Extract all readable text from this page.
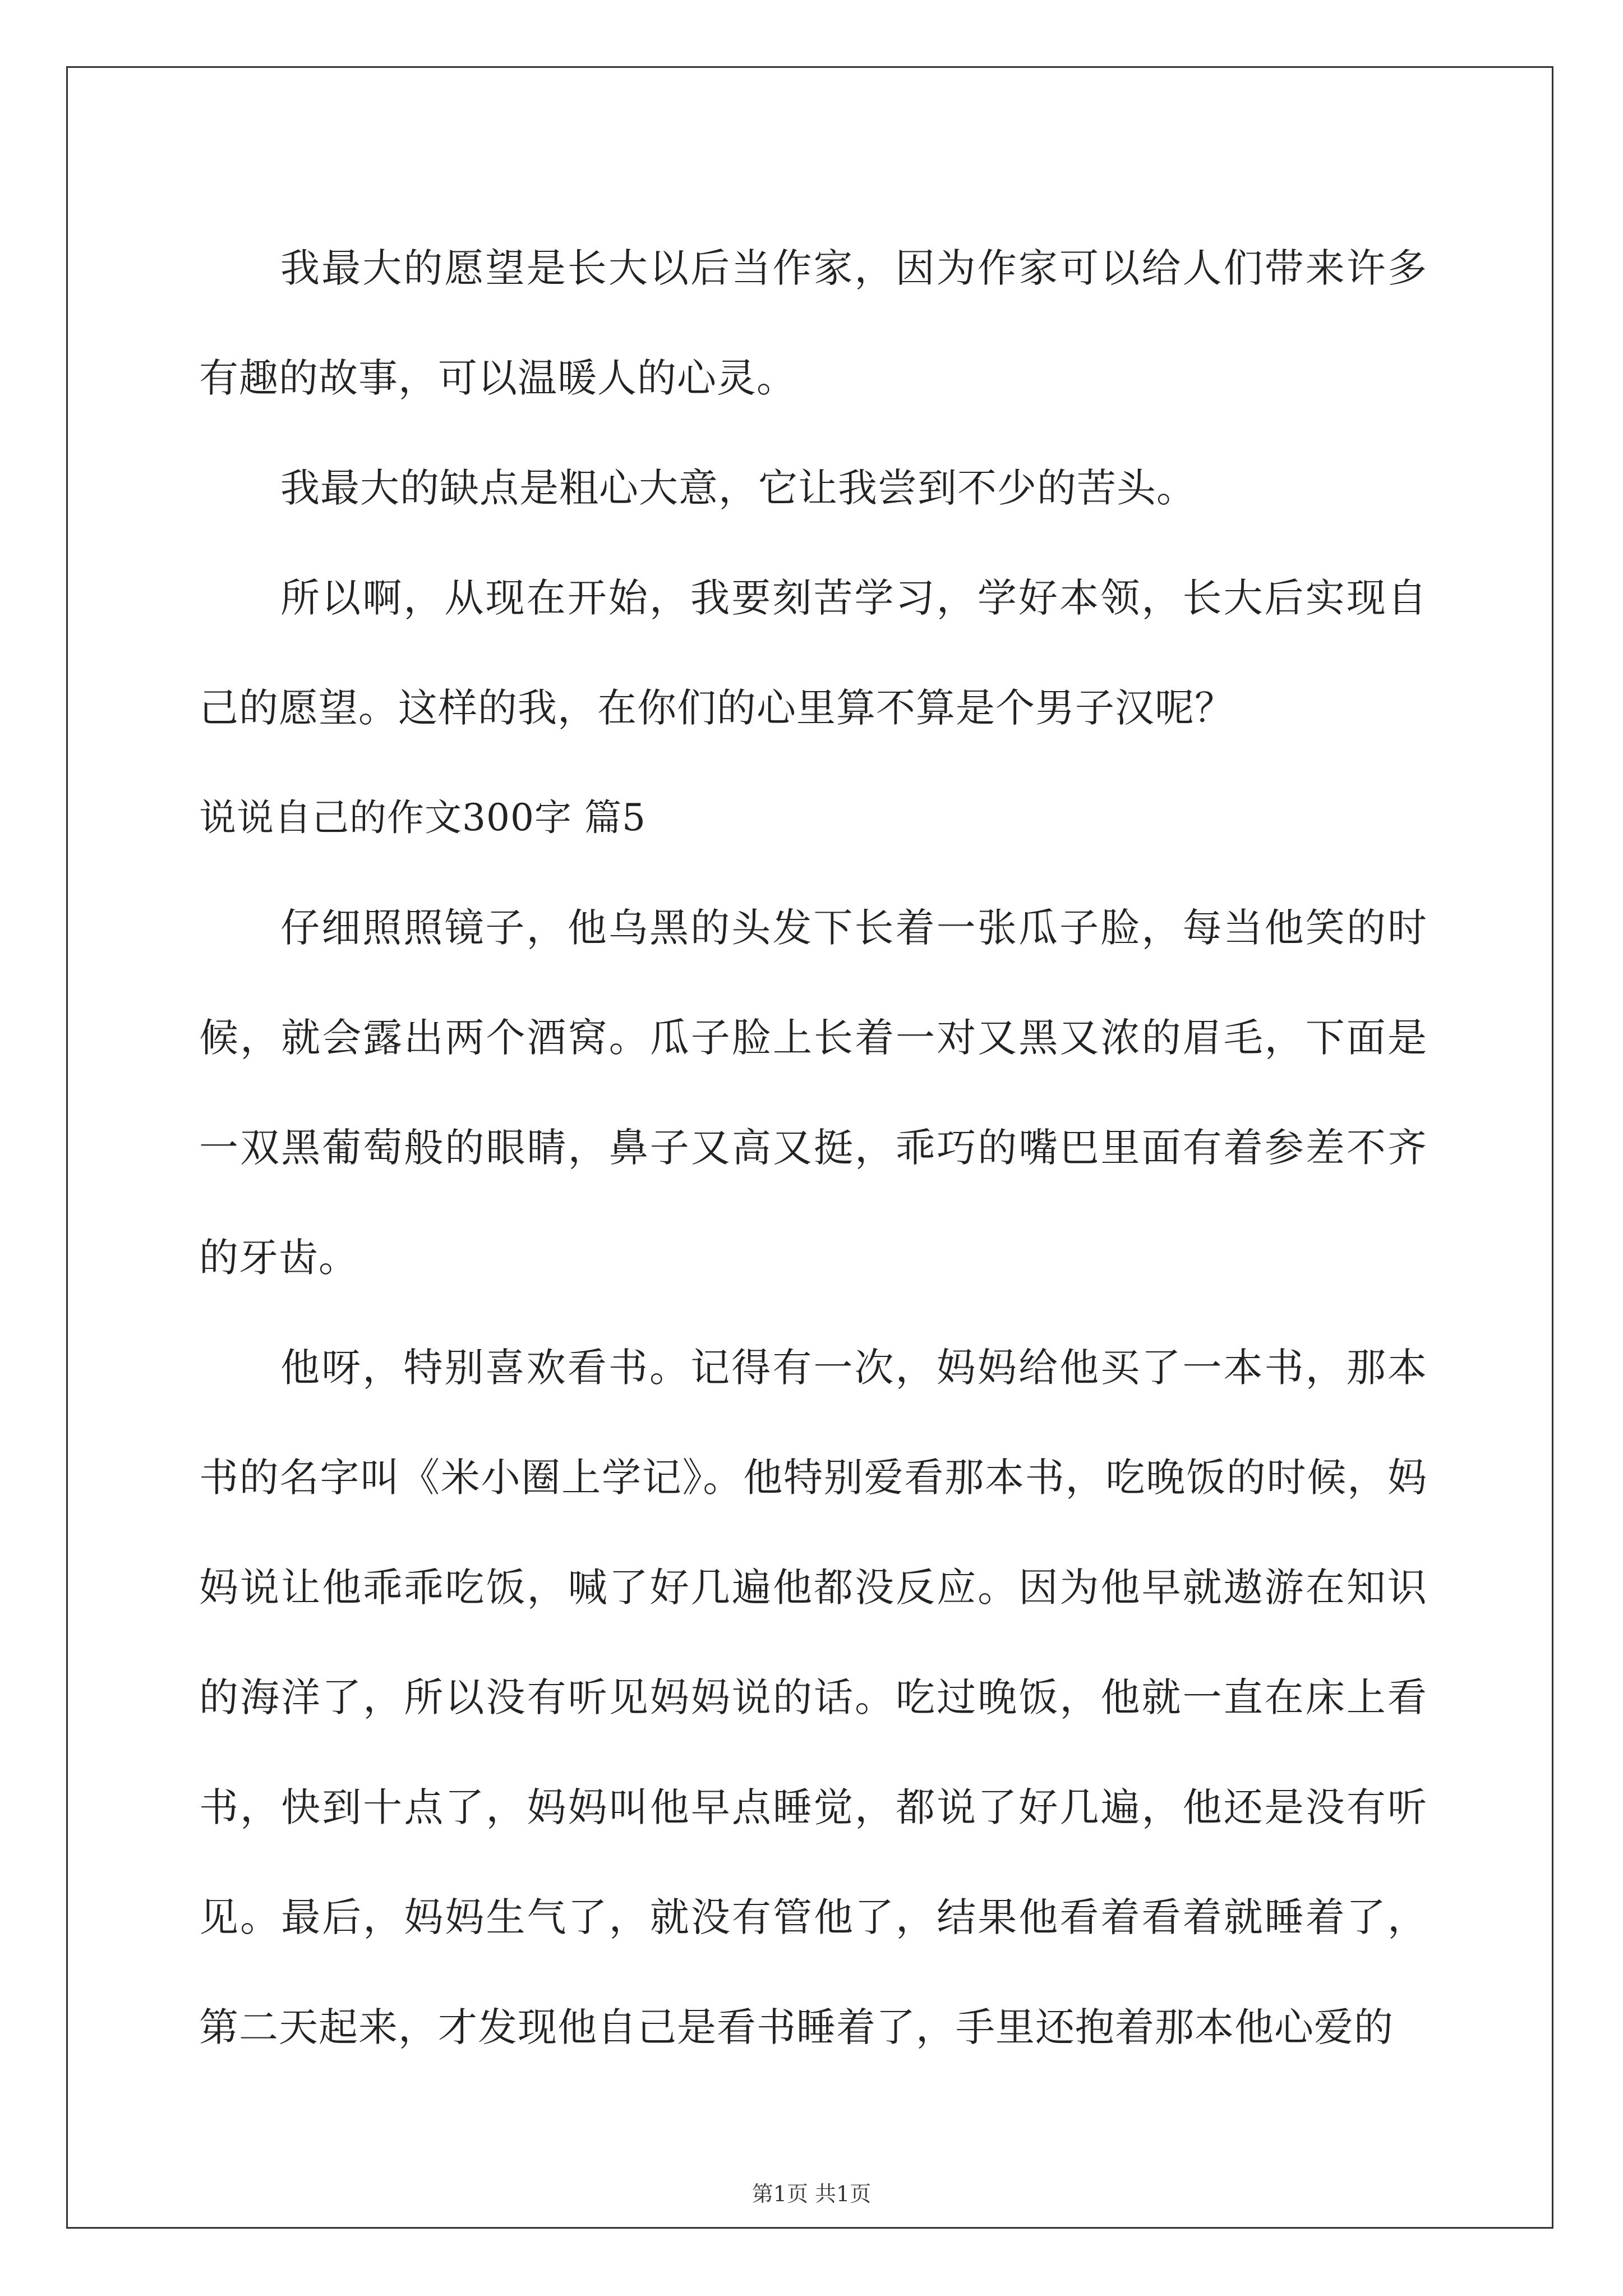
我最大的愿望是长大以后当作家，因为作家可以给人们带来许多有趣的故事，可以温暖人的心灵。

我最大的缺点是粗心大意，它让我尝到不少的苦头。

所以啊，从现在开始，我要刻苦学习，学好本领，长大后实现自己的愿望。这样的我，在你们的心里算不算是个男子汉呢？

说说自己的作文300字 篇5

仔细照照镜子，他乌黑的头发下长着一张瓜子脸，每当他笑的时候，就会露出两个酒窝。瓜子脸上长着一对又黑又浓的眉毛，下面是一双黑葡萄般的眼睛，鼻子又高又挺，乖巧的嘴巴里面有着参差不齐的牙齿。

他呀，特别喜欢看书。记得有一次，妈妈给他买了一本书，那本书的名字叫《米小圈上学记》。他特别爱看那本书，吃晚饭的时候，妈妈说让他乖乖吃饭，喊了好几遍他都没反应。因为他早就遨游在知识的海洋了，所以没有听见妈妈说的话。吃过晚饭，他就一直在床上看书，快到十点了，妈妈叫他早点睡觉，都说了好几遍，他还是没有听见。最后，妈妈生气了，就没有管他了，结果他看着看着就睡着了，第二天起来，才发现他自己是看书睡着了，手里还抱着那本他心爱的

第1页 共1页
